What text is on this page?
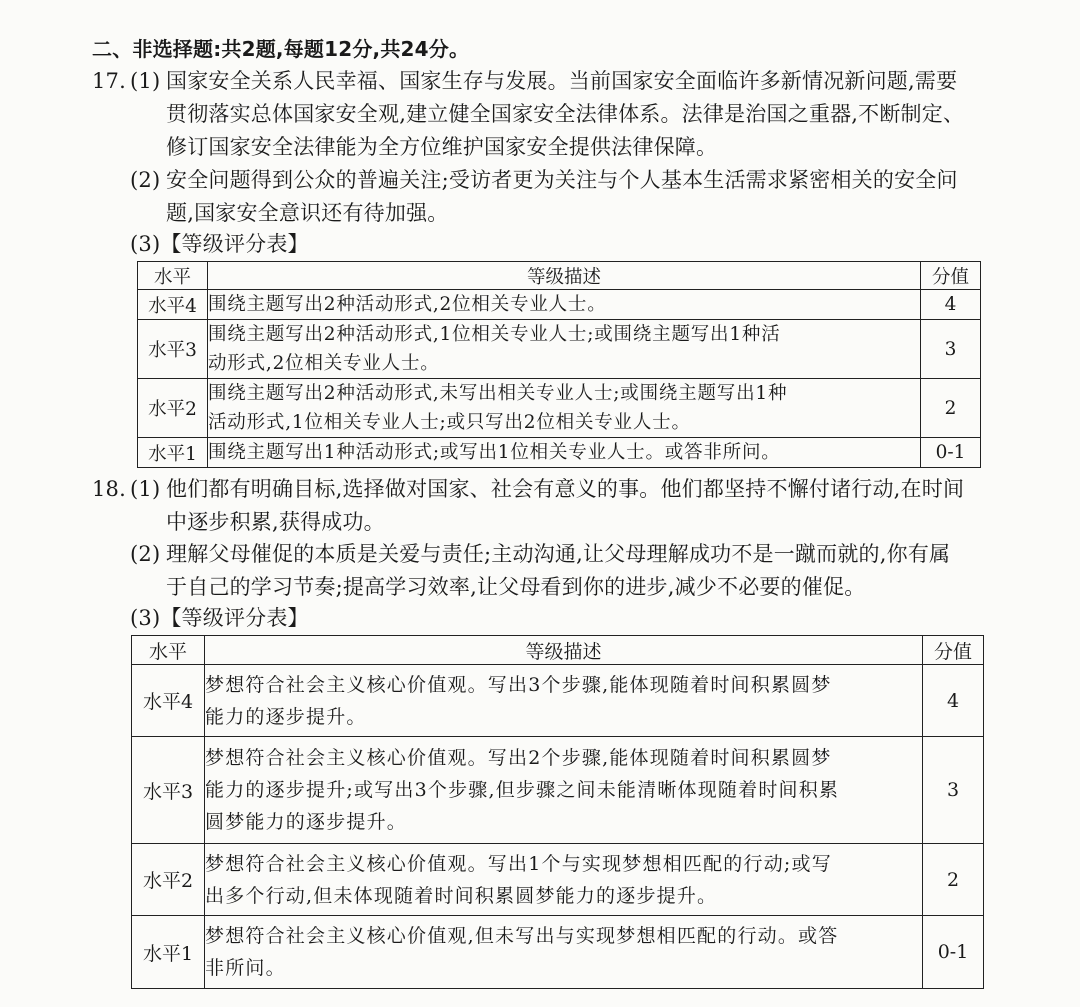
二、非选择题:共2题,每题12分,共24分。
17. (1) 国家安全关系人民幸福、国家生存与发展。当前国家安全面临许多新情况新问题,需要
贯彻落实总体国家安全观,建立健全国家安全法律体系。法律是治国之重器,不断制定、
修订国家安全法律能为全方位维护国家安全提供法律保障。
(2) 安全问题得到公众的普遍关注;受访者更为关注与个人基本生活需求紧密相关的安全问
题,国家安全意识还有待加强。
(3)【等级评分表】
水平	等级描述	分值
水平4	围绕主题写出2种活动形式,2位相关专业人士。	4
水平3	围绕主题写出2种活动形式,1位相关专业人士;或围绕主题写出1种活
动形式,2位相关专业人士。	3
水平2	围绕主题写出2种活动形式,未写出相关专业人士;或围绕主题写出1种
活动形式,1位相关专业人士;或只写出2位相关专业人士。	2
水平1	围绕主题写出1种活动形式;或写出1位相关专业人士。或答非所问。	0-1
18. (1) 他们都有明确目标,选择做对国家、社会有意义的事。他们都坚持不懈付诸行动,在时间
中逐步积累,获得成功。
(2) 理解父母催促的本质是关爱与责任;主动沟通,让父母理解成功不是一蹴而就的,你有属
于自己的学习节奏;提高学习效率,让父母看到你的进步,减少不必要的催促。
(3)【等级评分表】
水平	等级描述	分值
水平4	梦想符合社会主义核心价值观。写出3个步骤,能体现随着时间积累圆梦
能力的逐步提升。	4
水平3	梦想符合社会主义核心价值观。写出2个步骤,能体现随着时间积累圆梦
能力的逐步提升;或写出3个步骤,但步骤之间未能清晰体现随着时间积累
圆梦能力的逐步提升。	3
水平2	梦想符合社会主义核心价值观。写出1个与实现梦想相匹配的行动;或写
出多个行动,但未体现随着时间积累圆梦能力的逐步提升。	2
水平1	梦想符合社会主义核心价值观,但未写出与实现梦想相匹配的行动。或答
非所问。	0-1
